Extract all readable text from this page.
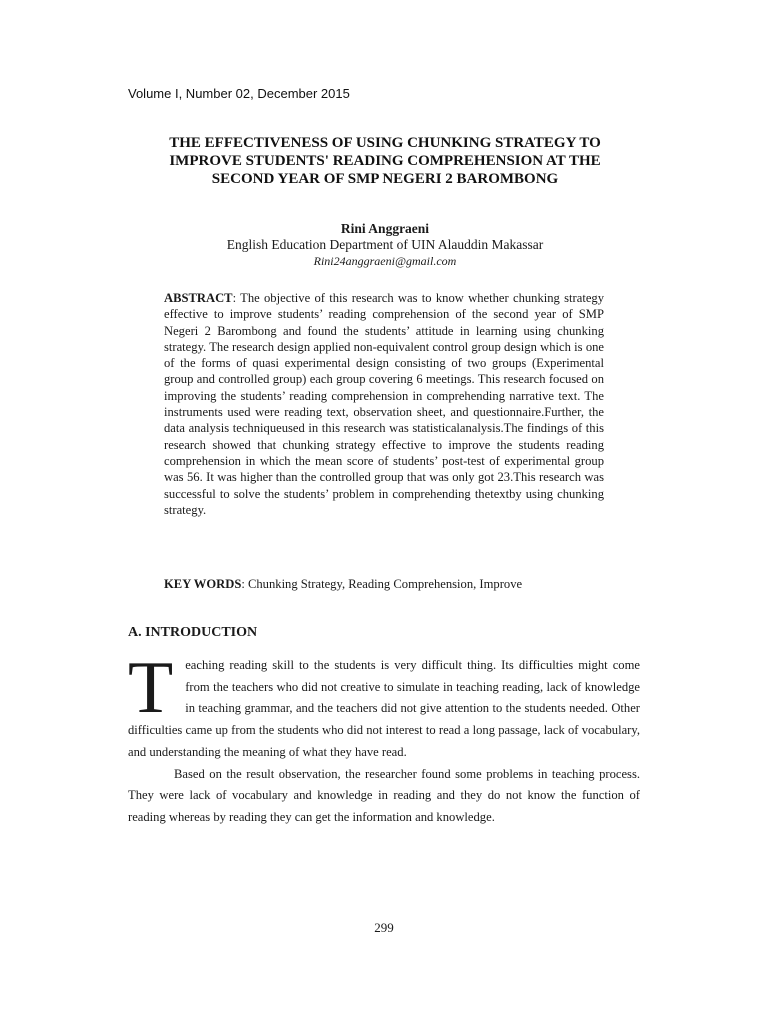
Volume I, Number 02, December 2015
THE EFFECTIVENESS OF USING CHUNKING STRATEGY TO
IMPROVE STUDENTS' READING COMPREHENSION AT THE
SECOND YEAR OF SMP NEGERI 2 BAROMBONG
Rini Anggraeni
English Education Department of UIN Alauddin Makassar
Rini24anggraeni@gmail.com

ABSTRACT: The objective of this research was to know whether chunking strategy effective to improve students’ reading comprehension of the second year of SMP Negeri 2 Barombong and found the students’ attitude in learning using chunking strategy. The research design applied non-equivalent control group design which is one of the forms of quasi experimental design consisting of two groups (Experimental group and controlled group) each group covering 6 meetings. This research focused on improving the students’ reading comprehension in comprehending narrative text. The instruments used were reading text, observation sheet, and questionnaire.Further, the data analysis techniqueused in this research was statisticalanalysis.The findings of this research showed that chunking strategy effective to improve the students reading comprehension in which the mean score of students’ post-test of experimental group was 56. It was higher than the controlled group that was only got 23.This research was successful to solve the students’ problem in comprehending thetextby using chunking strategy.

KEY WORDS: Chunking Strategy, Reading Comprehension, Improve

A. INTRODUCTION

Teaching reading skill to the students is very difficult thing. Its difficulties might come from the teachers who did not creative to simulate in teaching reading, lack of knowledge in teaching grammar, and the teachers did not give attention to the students needed. Other difficulties came up from the students who did not interest to read a long passage, lack of vocabulary, and understanding the meaning of what they have read.

Based on the result observation, the researcher found some problems in teaching process. They were lack of vocabulary and knowledge in reading and they do not know the function of reading whereas by reading they can get the information and knowledge.

299
